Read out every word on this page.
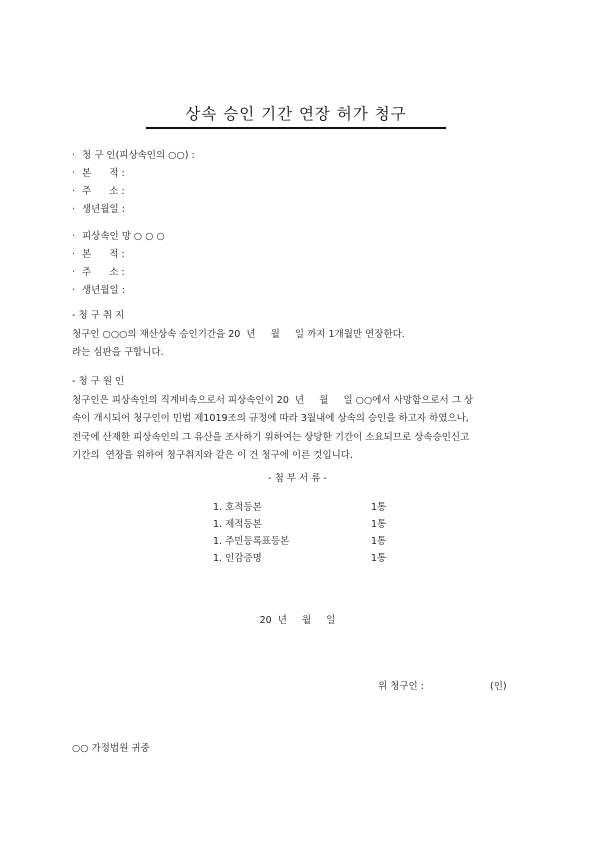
상속 승인 기간 연장 허가 청구
· 청 구 인(피상속인의 ○○) :
· 본      적 :
· 주      소 :
· 생년월일 :
· 피상속인 망 ○ ○ ○
· 본      적 :
· 주      소 :
· 생년월일 :
- 청 구 취 지
청구인 ○○○의 재산상속 승인기간을 20  년     월     일 까지 1개월만 연장한다.
라는 심판을 구합니다.
- 청 구 원 인
청구인은 피상속인의 직계비속으로서 피상속인이 20  년     월     일 ○○에서 사망함으로서 그 상
속이 개시되어 청구인이 민법 제1019조의 규정에 따라 3월내에 상속의 승인을 하고자 하였으나,
전국에 산재한 피상속인의 그 유산을 조사하기 위하여는 상당한 기간이 소요되므로 상속승인신고
기간의  연장을 위하여 청구취지와 같은 이 건 청구에 이른 것입니다.
- 첨 부 서 류 -
1. 호적등본	1통
1. 제적등본	1통
1. 주민등록표등본	1통
1. 인감증명	1통
20  년     월     일
위 청구인 :	(인)
○○ 가정법원 귀중
